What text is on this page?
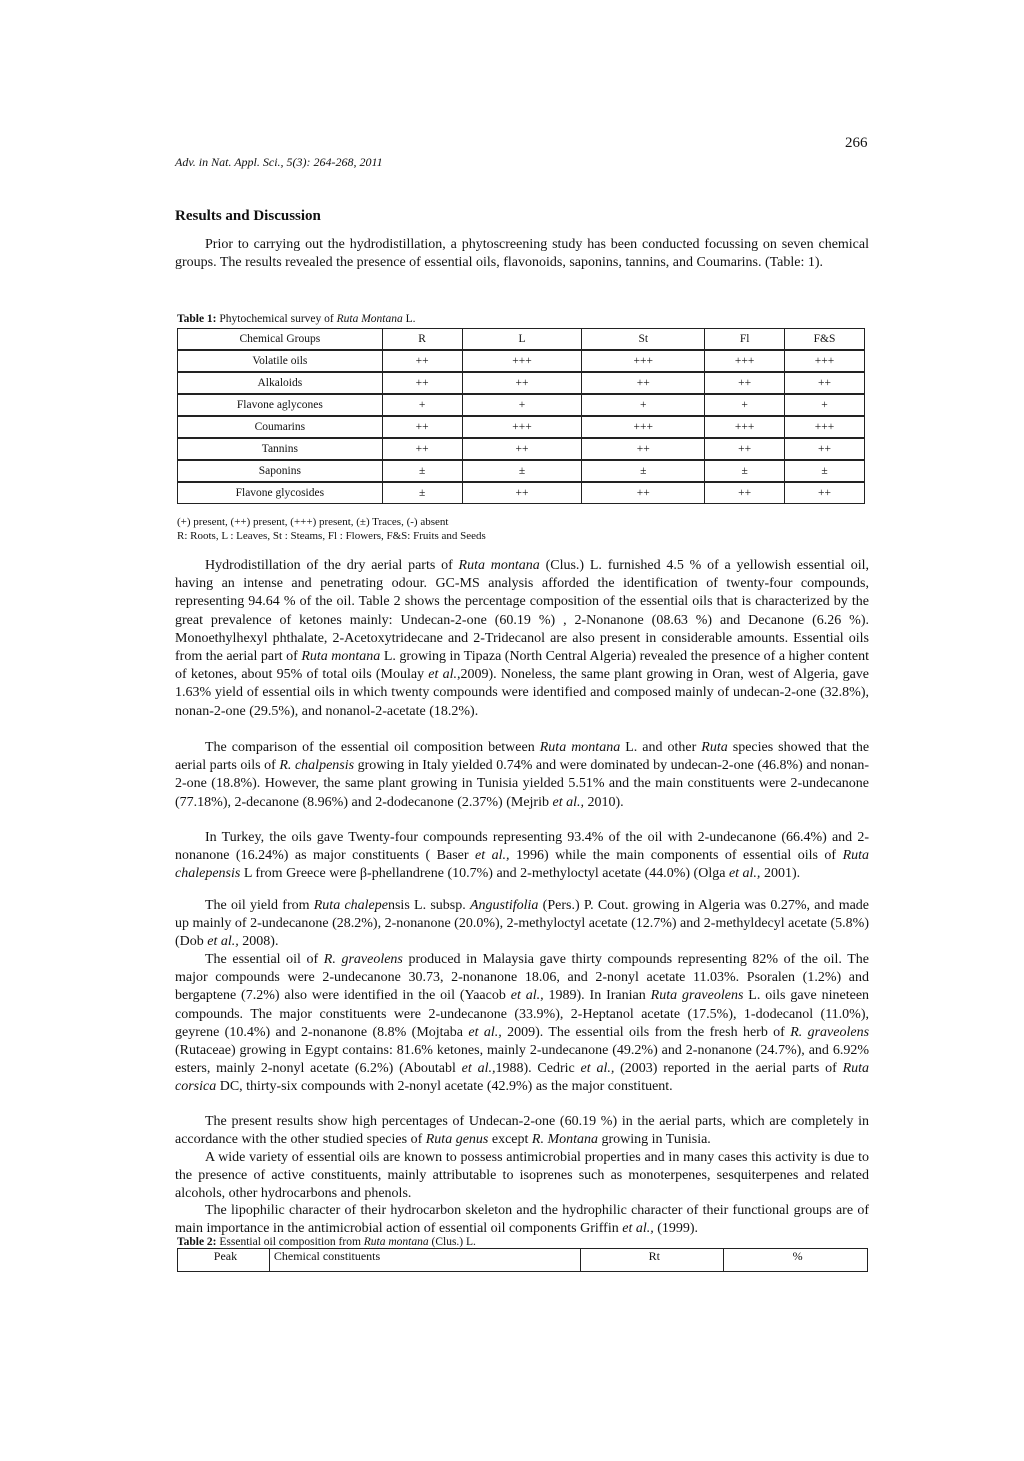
Adv. in Nat. Appl. Sci., 5(3): 264-268, 2011
266
Results and Discussion

Prior to carrying out the hydrodistillation, a phytoscreening study has been conducted focussing on seven chemical groups. The results revealed the presence of essential oils, flavonoids, saponins, tannins, and Coumarins. (Table: 1).

Table 1: Phytochemical survey of Ruta Montana L.
Chemical Groups	R	L	St	Fl	F&S
Volatile oils	++	+++	+++	+++	+++
Alkaloids	++	++	++	++	++
Flavone aglycones	+	+	+	+	+
Coumarins	++	+++	+++	+++	+++
Tannins	++	++	++	++	++
Saponins	±	±	±	±	±
Flavone glycosides	±	++	++	++	++
(+) present, (++) present, (+++) present, (±) Traces, (-) absent
R: Roots, L : Leaves, St : Steams, Fl : Flowers, F&S: Fruits and Seeds

Hydrodistillation of the dry aerial parts of Ruta montana (Clus.) L. furnished 4.5 % of a yellowish essential oil, having an intense and penetrating odour. GC-MS analysis afforded the identification of twenty-four compounds, representing 94.64 % of the oil. Table 2 shows the percentage composition of the essential oils that is characterized by the great prevalence of ketones mainly: Undecan-2-one (60.19 %) , 2-Nonanone (08.63 %) and Decanone (6.26 %). Monoethylhexyl phthalate, 2-Acetoxytridecane and 2-Tridecanol are also present in considerable amounts. Essential oils from the aerial part of Ruta montana L. growing in Tipaza (North Central Algeria) revealed the presence of a higher content of ketones, about 95% of total oils (Moulay et al.,2009). Noneless, the same plant growing in Oran, west of Algeria, gave 1.63% yield of essential oils in which twenty compounds were identified and composed mainly of undecan-2-one (32.8%), nonan-2-one (29.5%), and nonanol-2-acetate (18.2%).

The comparison of the essential oil composition between Ruta montana L. and other Ruta species showed that the aerial parts oils of R. chalpensis growing in Italy yielded 0.74% and were dominated by undecan-2-one (46.8%) and nonan-2-one (18.8%). However, the same plant growing in Tunisia yielded 5.51% and the main constituents were 2-undecanone (77.18%), 2-decanone (8.96%) and 2-dodecanone (2.37%) (Mejrib et al., 2010).

In Turkey, the oils gave Twenty-four compounds representing 93.4% of the oil with 2-undecanone (66.4%) and 2-nonanone (16.24%) as major constituents ( Baser et al., 1996) while the main components of essential oils of Ruta chalepensis L from Greece were β-phellandrene (10.7%) and 2-methyloctyl acetate (44.0%) (Olga et al., 2001).

The oil yield from Ruta chalepensis L. subsp. Angustifolia (Pers.) P. Cout. growing in Algeria was 0.27%, and made up mainly of 2-undecanone (28.2%), 2-nonanone (20.0%), 2-methyloctyl acetate (12.7%) and 2-methyldecyl acetate (5.8%) (Dob et al., 2008).

The essential oil of R. graveolens produced in Malaysia gave thirty compounds representing 82% of the oil. The major compounds were 2-undecanone 30.73, 2-nonanone 18.06, and 2-nonyl acetate 11.03%. Psoralen (1.2%) and bergaptene (7.2%) also were identified in the oil (Yaacob et al., 1989). In Iranian Ruta graveolens L. oils gave nineteen compounds. The major constituents were 2-undecanone (33.9%), 2-Heptanol acetate (17.5%), 1-dodecanol (11.0%), geyrene (10.4%) and 2-nonanone (8.8% (Mojtaba et al., 2009). The essential oils from the fresh herb of R. graveolens (Rutaceae) growing in Egypt contains: 81.6% ketones, mainly 2-undecanone (49.2%) and 2-nonanone (24.7%), and 6.92% esters, mainly 2-nonyl acetate (6.2%) (Aboutabl et al.,1988). Cedric et al., (2003) reported in the aerial parts of Ruta corsica DC, thirty-six compounds with 2-nonyl acetate (42.9%) as the major constituent.

The present results show high percentages of Undecan-2-one (60.19 %) in the aerial parts, which are completely in accordance with the other studied species of Ruta genus except R. Montana growing in Tunisia.

A wide variety of essential oils are known to possess antimicrobial properties and in many cases this activity is due to the presence of active constituents, mainly attributable to isoprenes such as monoterpenes, sesquiterpenes and related alcohols, other hydrocarbons and phenols.

The lipophilic character of their hydrocarbon skeleton and the hydrophilic character of their functional groups are of main importance in the antimicrobial action of essential oil components Griffin et al., (1999).

Table 2: Essential oil composition from Ruta montana (Clus.) L.
Peak	Chemical constituents	Rt	%
